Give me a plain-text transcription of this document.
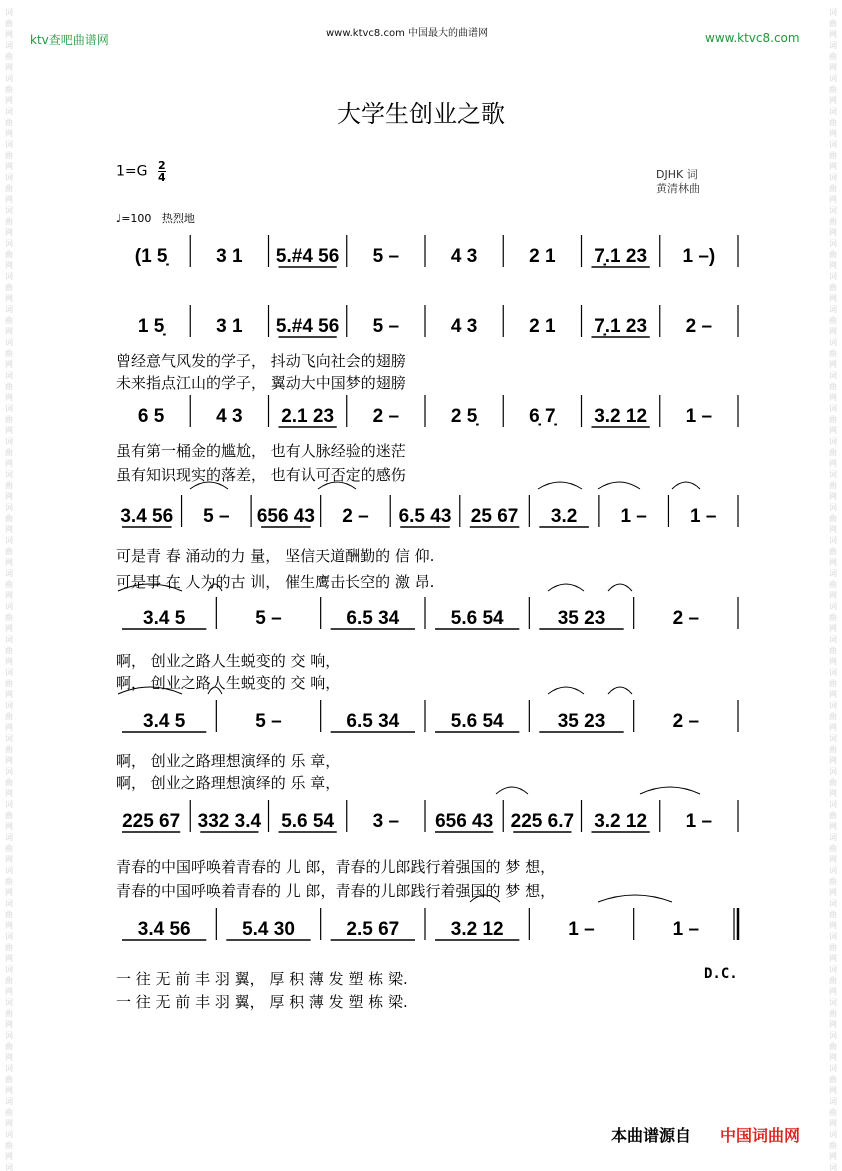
词
曲
网
词
曲
网
词
曲
网
词
曲
网
词
曲
网
词
曲
网
词
曲
网
词
曲
网
词
曲
网
词
曲
网
词
曲
网
词
曲
网
词
曲
网
词
曲
网
词
曲
网
词
曲
网
词
曲
网
词
曲
网
词
曲
网
词
曲
网
词
曲
网
词
曲
网
词
曲
网
词
曲
网
词
曲
网
词
曲
网
词
曲
网
词
曲
网
词
曲
网
词
曲
网
词
曲
网
词
曲
网
词
曲
网
词
曲
网
词
曲
网
词
词
曲
网
词
曲
网
词
曲
网
词
曲
网
词
曲
网
词
曲
网
词
曲
网
词
曲
网
词
曲
网
词
曲
网
词
曲
网
词
曲
网
词
曲
网
词
曲
网
词
曲
网
词
曲
网
词
曲
网
词
曲
网
词
曲
网
词
曲
网
词
曲
网
词
曲
网
词
曲
网
词
曲
网
词
曲
网
词
曲
网
词
曲
网
词
曲
网
词
曲
网
词
曲
网
词
曲
网
词
曲
网
词
曲
网
词
曲
网
词
曲
网
词
ktv查吧曲谱网	www.ktvc8.com 中国最大的曲谱网	www.ktvc8.com
大学生创业之歌
$1=G \frac{2}{4}$	DJHK 词
黄清林曲
♩=100 热烈地
(1 5̣	3 1 5.#4 56 5 –	4 3	2 1 7̣.1 23 1 –)
1 5̣	3 1 5.#4 56 5 –	4 3	2 1 7̣.1 23 2 –
6 5	4 3 2.1 23 2 –	2 5̣	6̣ 7̣ 3.2 12 1 –
3.4 56 5 – 656 43 2 – 6.5 43 25 67 3.2 1 – 1 –
3.4 5	5 –	6.5 34	5.6 54	35 23	2 –
3.4 5	5 –	6.5 34	5.6 54	35 23	2 –
225 67 332 3.4 5.6 54 3 – 656 43 225 6.7 3.2 12 1 –
3.4 56	5.4 30	2.5 67	3.2 12	1 –	1 –
曾经意气风发的学子， 抖动飞向社会的翅膀
未来指点江山的学子， 翼动大中国梦的翅膀
虽有第一桶金的尴尬， 也有人脉经验的迷茫
虽有知识现实的落差， 也有认可否定的感伤
可是青 春 涌动的力 量， 坚信天道酬勤的 信 仰.
可是事 在 人为的古 训， 催生鹰击长空的 激 昂.
啊， 创业之路人生蜕变的 交 响，
啊， 创业之路人生蜕变的 交 响，
啊， 创业之路理想演绎的 乐 章，
啊， 创业之路理想演绎的 乐 章，
青春的中国呼唤着青春的 儿 郎，青春的儿郎践行着强国的 梦 想，
青春的中国呼唤着青春的 儿 郎，青春的儿郎践行着强国的 梦 想，
一 往 无 前 丰 羽 翼， 厚 积 薄 发 塑 栋 梁.
一 往 无 前 丰 羽 翼， 厚 积 薄 发 塑 栋 梁.
D.C.
本曲谱源自 中国词曲网
